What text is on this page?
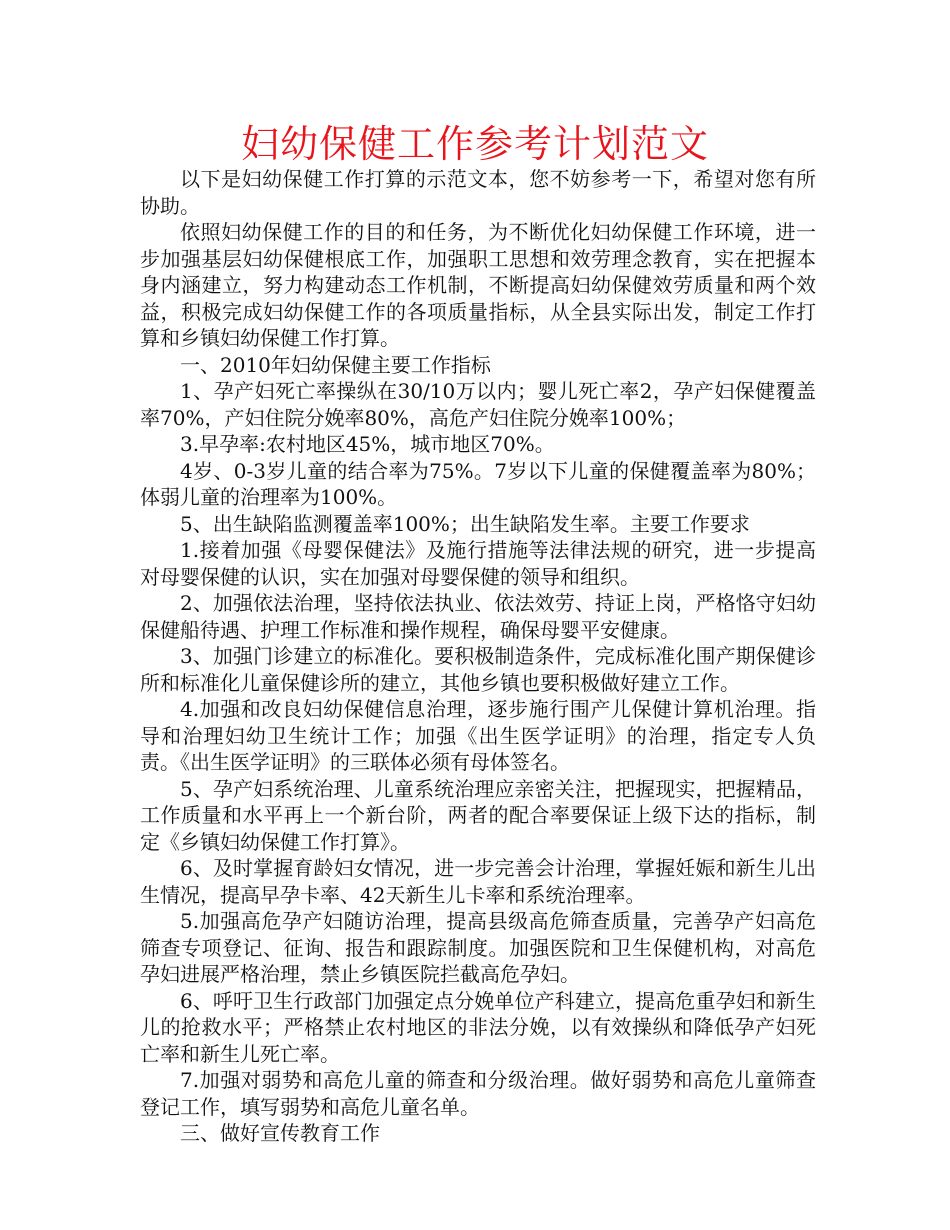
妇幼保健工作参考计划范文

以下是妇幼保健工作打算的示范文本，您不妨参考一下，希望对您有所协助。

依照妇幼保健工作的目的和任务，为不断优化妇幼保健工作环境，进一步加强基层妇幼保健根底工作，加强职工思想和效劳理念教育，实在把握本身内涵建立，努力构建动态工作机制，不断提高妇幼保健效劳质量和两个效益，积极完成妇幼保健工作的各项质量指标，从全县实际出发，制定工作打算和乡镇妇幼保健工作打算。

一、2010年妇幼保健主要工作指标

1、孕产妇死亡率操纵在30/10万以内；婴儿死亡率2，孕产妇保健覆盖率70%，产妇住院分娩率80%，高危产妇住院分娩率100%；

3.早孕率:农村地区45%，城市地区70%。

4岁、0-3岁儿童的结合率为75%。7岁以下儿童的保健覆盖率为80%；体弱儿童的治理率为100%。

5、出生缺陷监测覆盖率100%；出生缺陷发生率。主要工作要求

1.接着加强《母婴保健法》及施行措施等法律法规的研究，进一步提高对母婴保健的认识，实在加强对母婴保健的领导和组织。

2、加强依法治理，坚持依法执业、依法效劳、持证上岗，严格恪守妇幼保健船待遇、护理工作标准和操作规程，确保母婴平安健康。

3、加强门诊建立的标准化。要积极制造条件，完成标准化围产期保健诊所和标准化儿童保健诊所的建立，其他乡镇也要积极做好建立工作。

4.加强和改良妇幼保健信息治理，逐步施行围产儿保健计算机治理。指导和治理妇幼卫生统计工作；加强《出生医学证明》的治理，指定专人负责。《出生医学证明》的三联体必须有母体签名。

5、孕产妇系统治理、儿童系统治理应亲密关注，把握现实，把握精品，工作质量和水平再上一个新台阶，两者的配合率要保证上级下达的指标，制定《乡镇妇幼保健工作打算》。

6、及时掌握育龄妇女情况，进一步完善会计治理，掌握妊娠和新生儿出生情况，提高早孕卡率、42天新生儿卡率和系统治理率。

5.加强高危孕产妇随访治理，提高县级高危筛查质量，完善孕产妇高危筛查专项登记、征询、报告和跟踪制度。加强医院和卫生保健机构，对高危孕妇进展严格治理，禁止乡镇医院拦截高危孕妇。

6、呼吁卫生行政部门加强定点分娩单位产科建立，提高危重孕妇和新生儿的抢救水平；严格禁止农村地区的非法分娩，以有效操纵和降低孕产妇死亡率和新生儿死亡率。

7.加强对弱势和高危儿童的筛查和分级治理。做好弱势和高危儿童筛查登记工作，填写弱势和高危儿童名单。

三、做好宣传教育工作
